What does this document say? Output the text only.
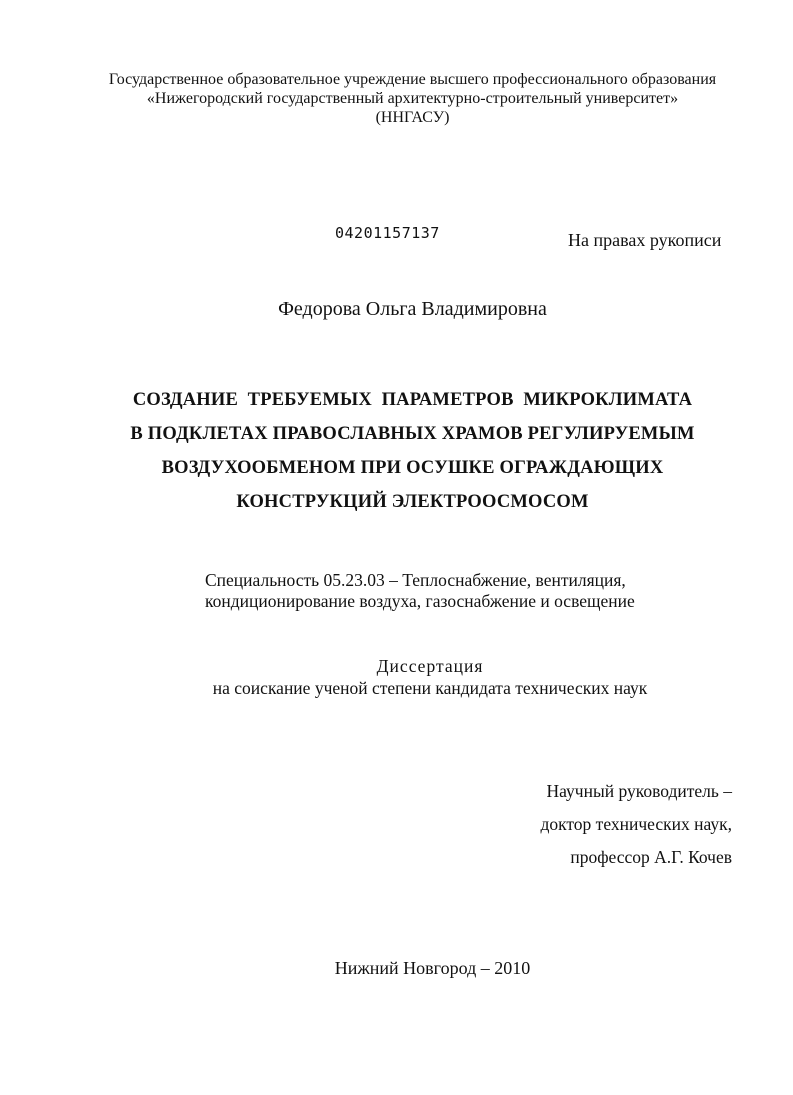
Государственное образовательное учреждение высшего профессионального образования
«Нижегородский государственный архитектурно-строительный университет»
(ННГАСУ)
04201157137	На правах рукописи
Федорова Ольга Владимировна
СОЗДАНИЕ  ТРЕБУЕМЫХ  ПАРАМЕТРОВ  МИКРОКЛИМАТА
В ПОДКЛЕТАХ ПРАВОСЛАВНЫХ ХРАМОВ РЕГУЛИРУЕМЫМ
ВОЗДУХООБМЕНОМ ПРИ ОСУШКЕ ОГРАЖДАЮЩИХ
КОНСТРУКЦИЙ ЭЛЕКТРООСМОСОМ
Специальность 05.23.03 – Теплоснабжение, вентиляция,
кондиционирование воздуха, газоснабжение и освещение
Диссертация
на соискание ученой степени кандидата технических наук
Научный руководитель –
доктор технических наук,
профессор А.Г. Кочев
Нижний Новгород – 2010
